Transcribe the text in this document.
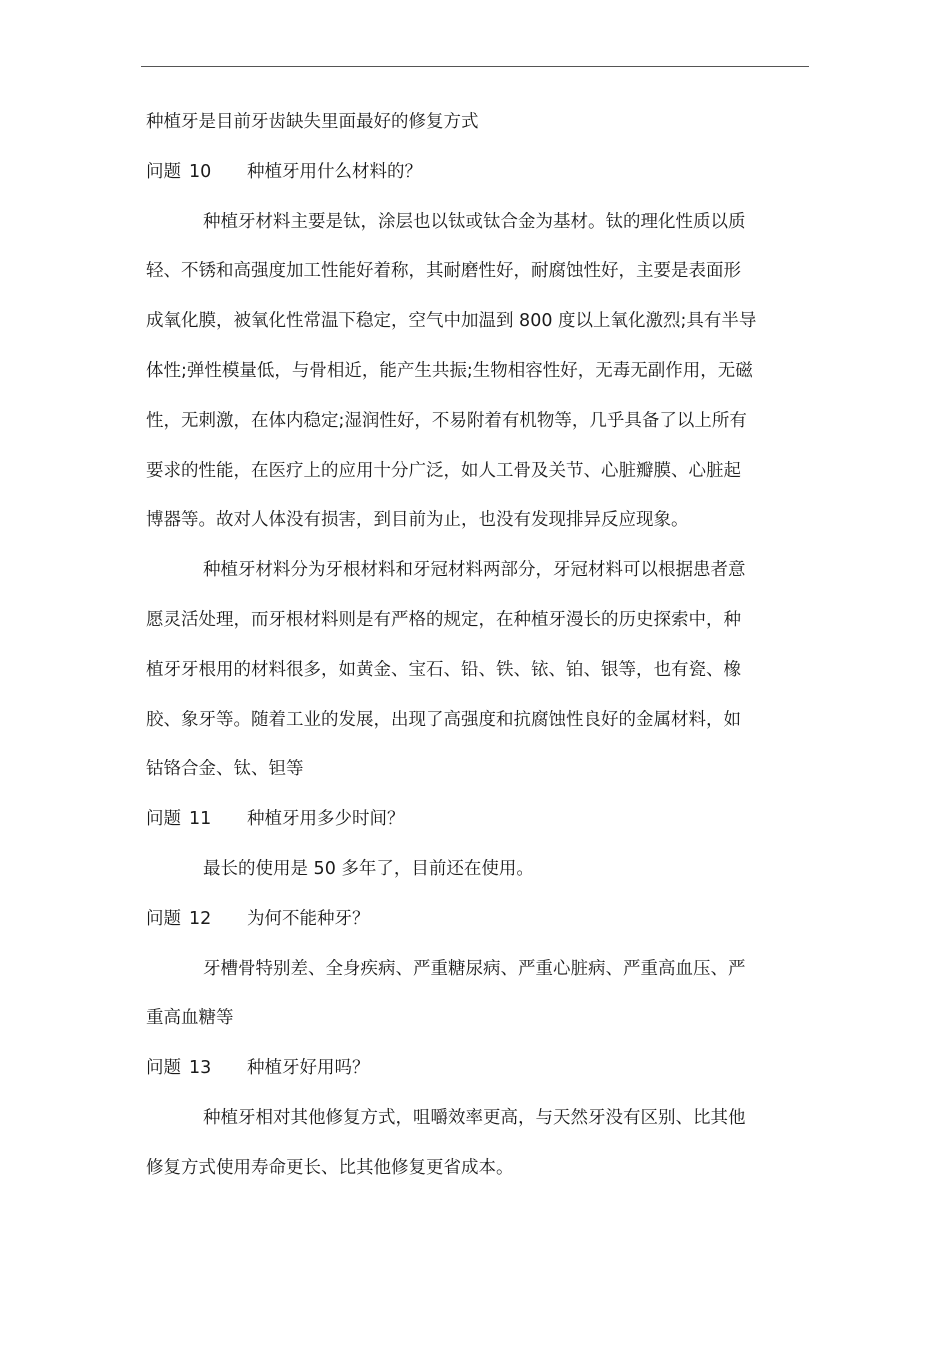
种植牙是目前牙齿缺失里面最好的修复方式

问题 10 种植牙用什么材料的？

种植牙材料主要是钛，涂层也以钛或钛合金为基材。钛的理化性质以质

轻、不锈和高强度加工性能好着称，其耐磨性好，耐腐蚀性好，主要是表面形

成氧化膜，被氧化性常温下稳定，空气中加温到 800 度以上氧化激烈;具有半导

体性;弹性模量低，与骨相近，能产生共振;生物相容性好，无毒无副作用，无磁

性，无刺激，在体内稳定;湿润性好，不易附着有机物等，几乎具备了以上所有

要求的性能，在医疗上的应用十分广泛，如人工骨及关节、心脏瓣膜、心脏起

博器等。故对人体没有损害，到目前为止，也没有发现排异反应现象。

种植牙材料分为牙根材料和牙冠材料两部分，牙冠材料可以根据患者意

愿灵活处理，而牙根材料则是有严格的规定，在种植牙漫长的历史探索中，种

植牙牙根用的材料很多，如黄金、宝石、铅、铁、铱、铂、银等，也有瓷、橡

胶、象牙等。随着工业的发展，出现了高强度和抗腐蚀性良好的金属材料，如

钴铬合金、钛、钽等

问题 11 种植牙用多少时间？

最长的使用是 50 多年了，目前还在使用。

问题 12 为何不能种牙？

牙槽骨特别差、全身疾病、严重糖尿病、严重心脏病、严重高血压、严

重高血糖等

问题 13 种植牙好用吗？

种植牙相对其他修复方式，咀嚼效率更高，与天然牙没有区别、比其他

修复方式使用寿命更长、比其他修复更省成本。
